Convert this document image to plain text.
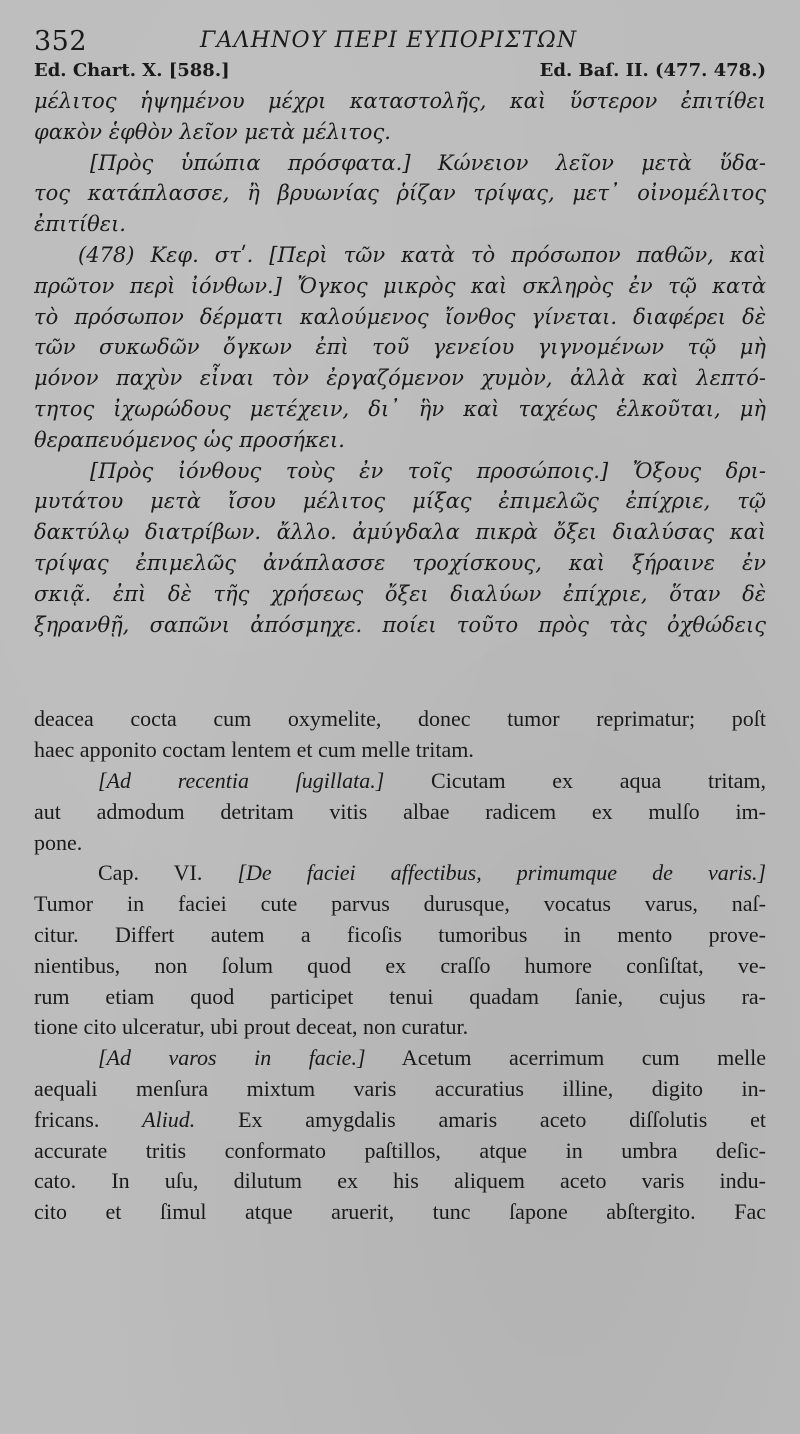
352	ΓΑΛΗΝΟΥ ΠΕΡΙ ΕΥΠΟΡΙΣΤΩΝ
Ed. Chart. X. [588.]	Ed. Baſ. II. (477. 478.)
μέλιτος ἡψημένου μέχρι καταστολῆς, καὶ ὕστερον ἐπιτίθει
φακὸν ἑφθὸν λεῖον μετὰ μέλιτος.
[Πρὸς ὑπώπια πρόσφατα.] Κώνειον λεῖον μετὰ ὕδα-
τος κατάπλασσε, ἢ βρυωνίας ῥίζαν τρίψας, μετ᾽ οἰνομέλιτος
ἐπιτίθει.
(478) Κεφ. στʹ. [Περὶ τῶν κατὰ τὸ πρόσωπον παθῶν, καὶ
πρῶτον περὶ ἰόνθων.] Ὄγκος μικρὸς καὶ σκληρὸς ἐν τῷ κατὰ
τὸ πρόσωπον δέρματι καλούμενος ἴονθος γίνεται. διαφέρει δὲ
τῶν συκωδῶν ὄγκων ἐπὶ τοῦ γενείου γιγνομένων τῷ μὴ
μόνον παχὺν εἶναι τὸν ἐργαζόμενον χυμὸν, ἀλλὰ καὶ λεπτό-
τητος ἰχωρώδους μετέχειν, δι᾽ ἣν καὶ ταχέως ἑλκοῦται, μὴ
θεραπευόμενος ὡς προσήκει.
[Πρὸς ἰόνθους τοὺς ἐν τοῖς προσώποις.] Ὄξους δρι-
μυτάτου μετὰ ἴσου μέλιτος μίξας ἐπιμελῶς ἐπίχριε, τῷ
δακτύλῳ διατρίβων. ἄλλο. ἀμύγδαλα πικρὰ ὄξει διαλύσας καὶ
τρίψας ἐπιμελῶς ἀνάπλασσε τροχίσκους, καὶ ξήραινε ἐν
σκιᾷ. ἐπὶ δὲ τῆς χρήσεως ὄξει διαλύων ἐπίχριε, ὅταν δὲ
ξηρανθῇ, σαπῶνι ἀπόσμηχε. ποίει τοῦτο πρὸς τὰς ὀχθώδεις
deacea cocta cum oxymelite, donec tumor reprimatur; poſt
haec apponito coctam lentem et cum melle tritam.
[Ad recentia ſugillata.] Cicutam ex aqua tritam,
aut admodum detritam vitis albae radicem ex mulſo im-
pone.
Cap. VI. [De faciei affectibus, primumque de varis.]
Tumor in faciei cute parvus durusque, vocatus varus, naſ-
citur. Differt autem a ficoſis tumoribus in mento prove-
nientibus, non ſolum quod ex craſſo humore conſiſtat, ve-
rum etiam quod participet tenui quadam ſanie, cujus ra-
tione cito ulceratur, ubi prout deceat, non curatur.
[Ad varos in facie.] Acetum acerrimum cum melle
aequali menſura mixtum varis accuratius illine, digito in-
fricans. Aliud. Ex amygdalis amaris aceto diſſolutis et
accurate tritis conformato paſtillos, atque in umbra deſic-
cato. In uſu, dilutum ex his aliquem aceto varis indu-
cito et ſimul atque aruerit, tunc ſapone abſtergito. Fac
